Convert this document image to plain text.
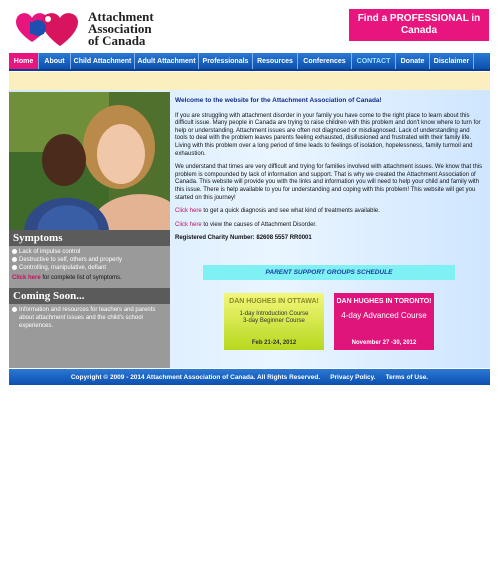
Attachment
Association
of Canada
Find a PROFESSIONAL in Canada
Home	About	Child Attachment Adult Attachment	Professionals	Resources	Conferences	CONTACT	Donate	Disclaimer
Symptoms
Lack of impulse control
Destructive to self, others and property
Controlling, manipulative, defiant
Click here for complete list of symptoms.
Coming Soon...
Information and resources for teachers and parents about attachment issues and the child's school experiences.
Welcome to the website for the Attachment Association of Canada!

If you are struggling with attachment disorder in your family you have come to the right place to learn about this difficult issue. Many people in Canada are trying to raise children with this problem and don't know where to turn for help or understanding. Attachment issues are often not diagnosed or misdiagnosed. Lack of understanding and tools to deal with the problem leaves parents feeling exhausted, disillusioned and frustrated with their family life. Living with this problem over a long period of time leads to feelings of isolation, hopelessness, family turmoil and exhaustion.

We understand that times are very difficult and trying for families involved with attachment issues. We know that this problem is compounded by lack of information and support. That is why we created the Attachment Association of Canada. This website will provide you with the links and information you will need to help your child and family with this issue. There is help available to you for understanding and coping with this problem! This website will get you started on this journey!

Click here to get a quick diagnosis and see what kind of treatments available.

Click here to view the causes of Attachment Disorder.

Registered Charity Number: 82608 5557 RR0001

PARENT SUPPORT GROUPS SCHEDULE
DAN HUGHES IN OTTAWA!
1-day Introduction Course
3-day Beginner Course
Feb 21-24, 2012
DAN HUGHES IN TORONTO!
4-day Advanced Course
November 27 -30, 2012
Copyright © 2009 - 2014 Attachment Association of Canada. All Rights Reserved. Privacy Policy. Terms of Use.
